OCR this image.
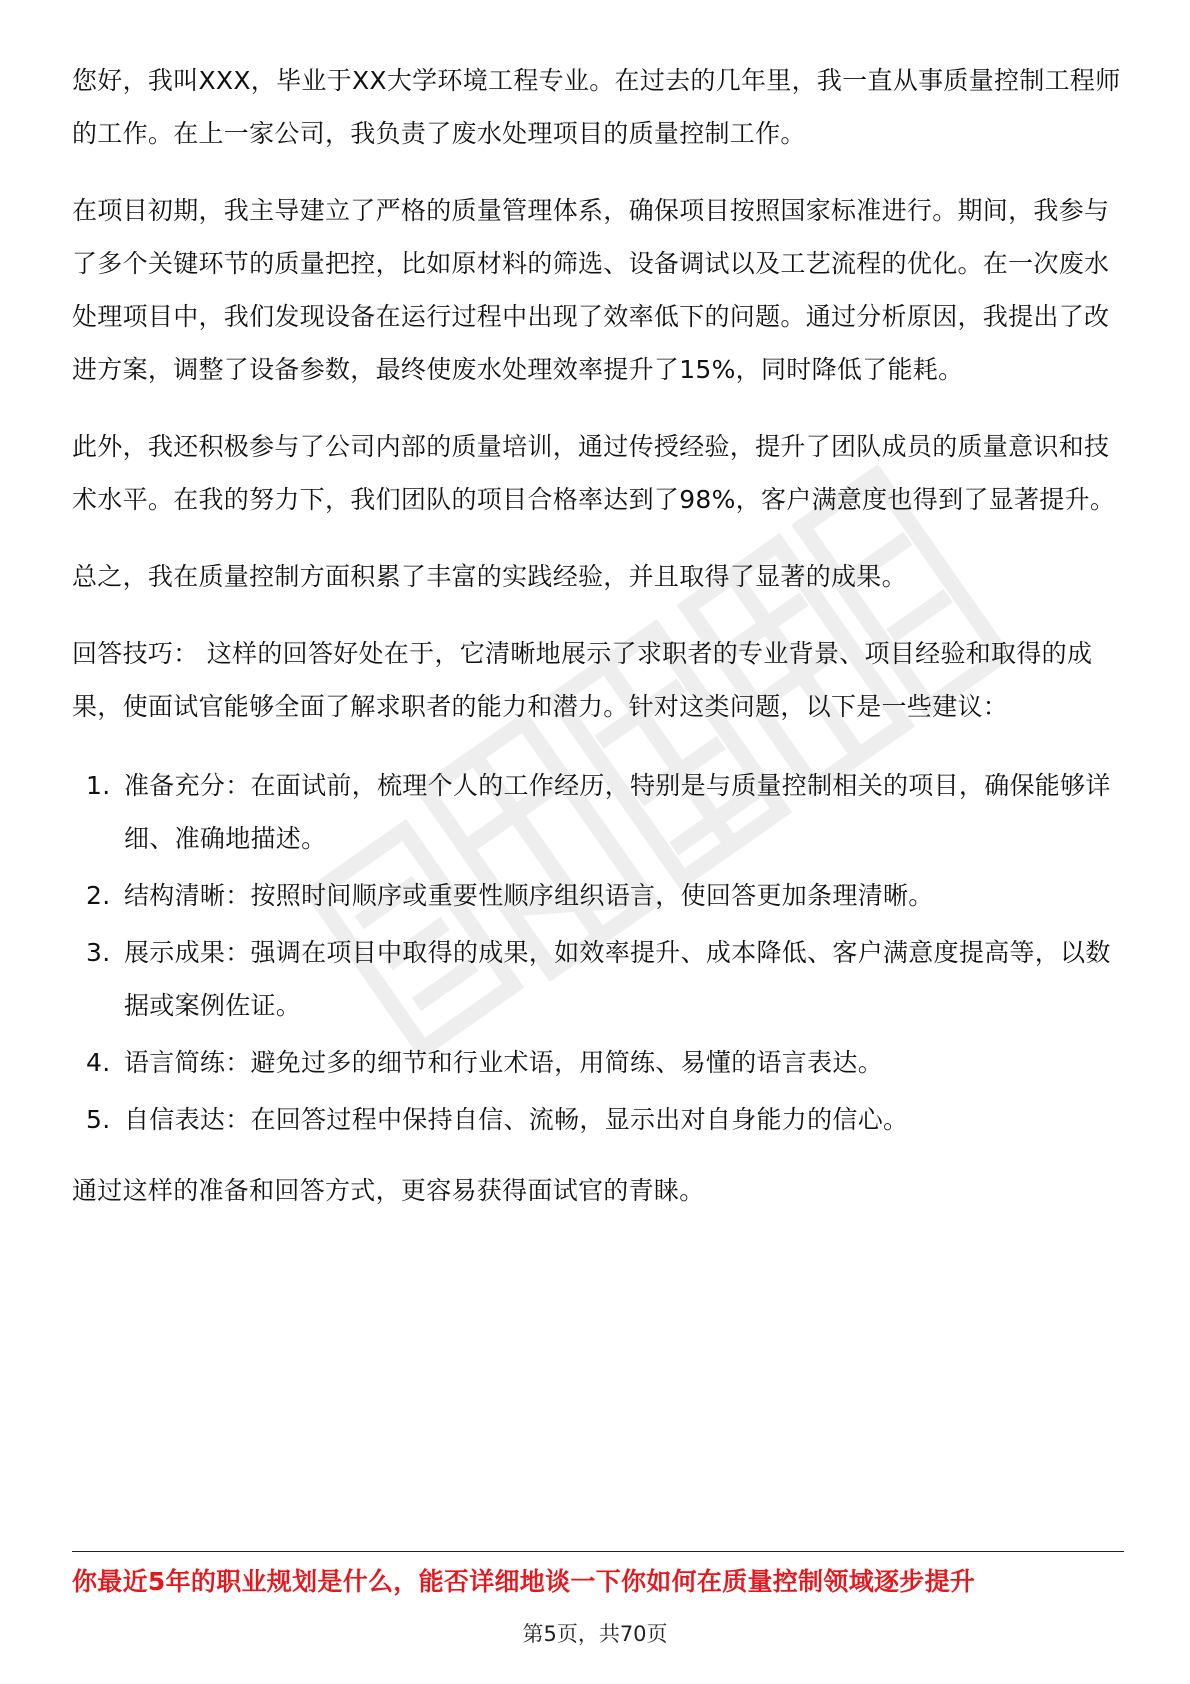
您好，我叫XXX，毕业于XX大学环境工程专业。在过去的几年里，我一直从事质量控制工程师的工作。在上一家公司，我负责了废水处理项目的质量控制工作。

在项目初期，我主导建立了严格的质量管理体系，确保项目按照国家标准进行。期间，我参与了多个关键环节的质量把控，比如原材料的筛选、设备调试以及工艺流程的优化。在一次废水处理项目中，我们发现设备在运行过程中出现了效率低下的问题。通过分析原因，我提出了改进方案，调整了设备参数，最终使废水处理效率提升了15%，同时降低了能耗。

此外，我还积极参与了公司内部的质量培训，通过传授经验，提升了团队成员的质量意识和技术水平。在我的努力下，我们团队的项目合格率达到了98%，客户满意度也得到了显著提升。

总之，我在质量控制方面积累了丰富的实践经验，并且取得了显著的成果。

回答技巧： 这样的回答好处在于，它清晰地展示了求职者的专业背景、项目经验和取得的成果，使面试官能够全面了解求职者的能力和潜力。针对这类问题，以下是一些建议：

1. 准备充分：在面试前，梳理个人的工作经历，特别是与质量控制相关的项目，确保能够详细、准确地描述。
2. 结构清晰：按照时间顺序或重要性顺序组织语言，使回答更加条理清晰。
3. 展示成果：强调在项目中取得的成果，如效率提升、成本降低、客户满意度提高等，以数据或案例佐证。
4. 语言简练：避免过多的细节和行业术语，用简练、易懂的语言表达。
5. 自信表达：在回答过程中保持自信、流畅，显示出对自身能力的信心。

通过这样的准备和回答方式，更容易获得面试官的青睐。

你最近5年的职业规划是什么，能否详细地谈一下你如何在质量控制领域逐步提升
第5页，共70页
